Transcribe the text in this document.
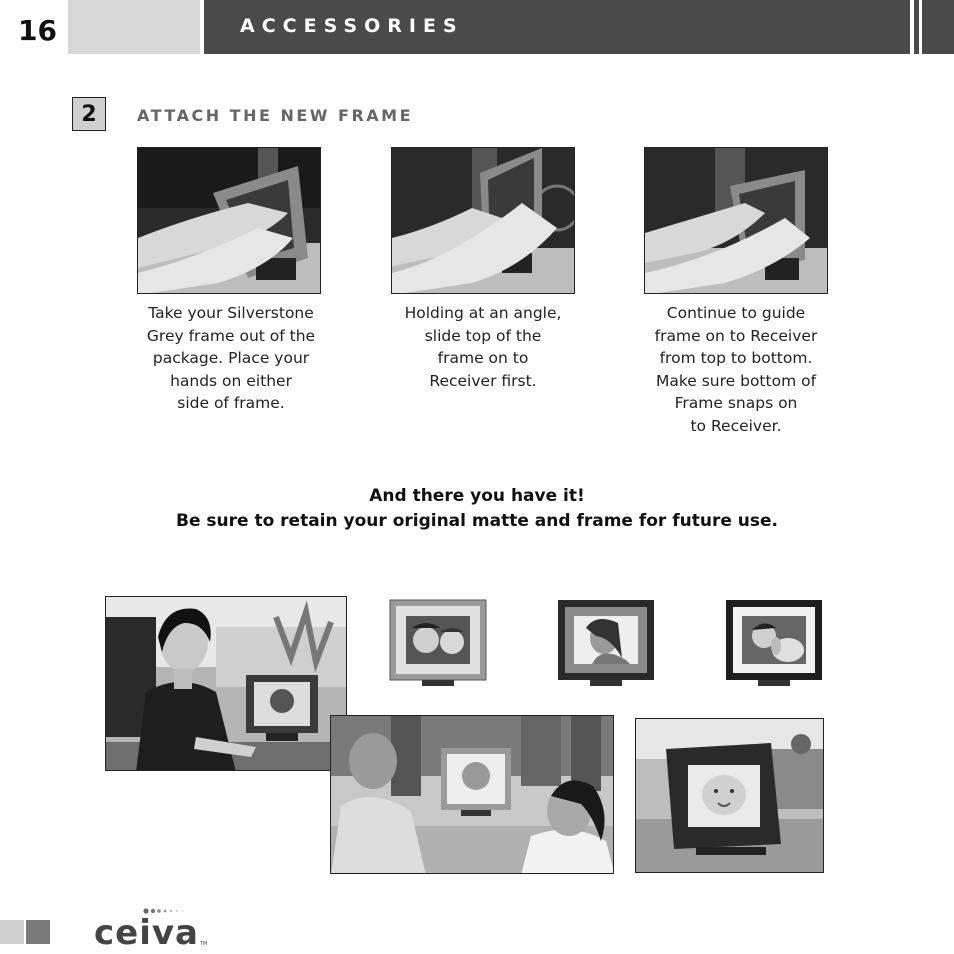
16	ACCESSORIES
2	ATTACH THE NEW FRAME
Take your Silverstone
Grey frame out of the
package. Place your
hands on either
side of frame.
Holding at an angle,
slide top of the
frame on to
Receiver first.
Continue to guide
frame on to Receiver
from top to bottom.
Make sure bottom of
Frame snaps on
to Receiver.
And there you have it!
Be sure to retain your original matte and frame for future use.
ceiva TM
